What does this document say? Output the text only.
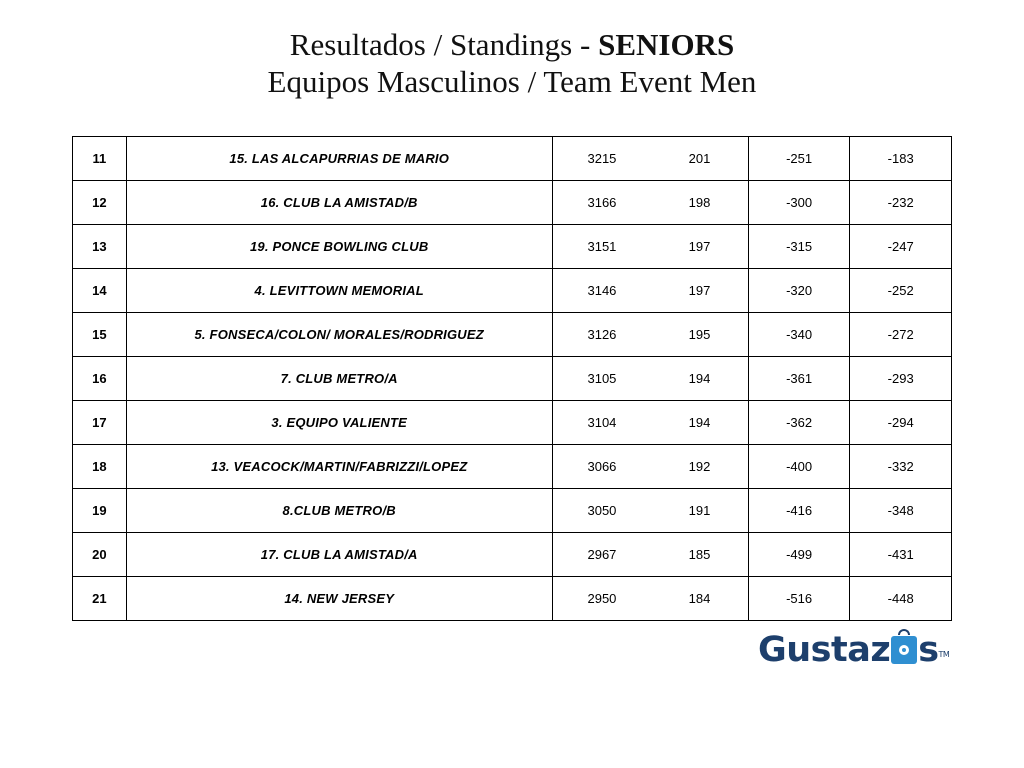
Resultados / Standings - SENIORS
Equipos Masculinos / Team Event Men
11	15. LAS ALCAPURRIAS DE MARIO	3215	201	-251	-183
12	16. CLUB LA AMISTAD/B	3166	198	-300	-232
13	19. PONCE BOWLING CLUB	3151	197	-315	-247
14	4. LEVITTOWN MEMORIAL	3146	197	-320	-252
15	5. FONSECA/COLON/ MORALES/RODRIGUEZ	3126	195	-340	-272
16	7. CLUB METRO/A	3105	194	-361	-293
17	3. EQUIPO VALIENTE	3104	194	-362	-294
18	13. VEACOCK/MARTIN/FABRIZZI/LOPEZ	3066	192	-400	-332
19	8.CLUB METRO/B	3050	191	-416	-348
20	17. CLUB LA AMISTAD/A	2967	185	-499	-431
21	14. NEW JERSEY	2950	184	-516	-448
Gustaz sTM
